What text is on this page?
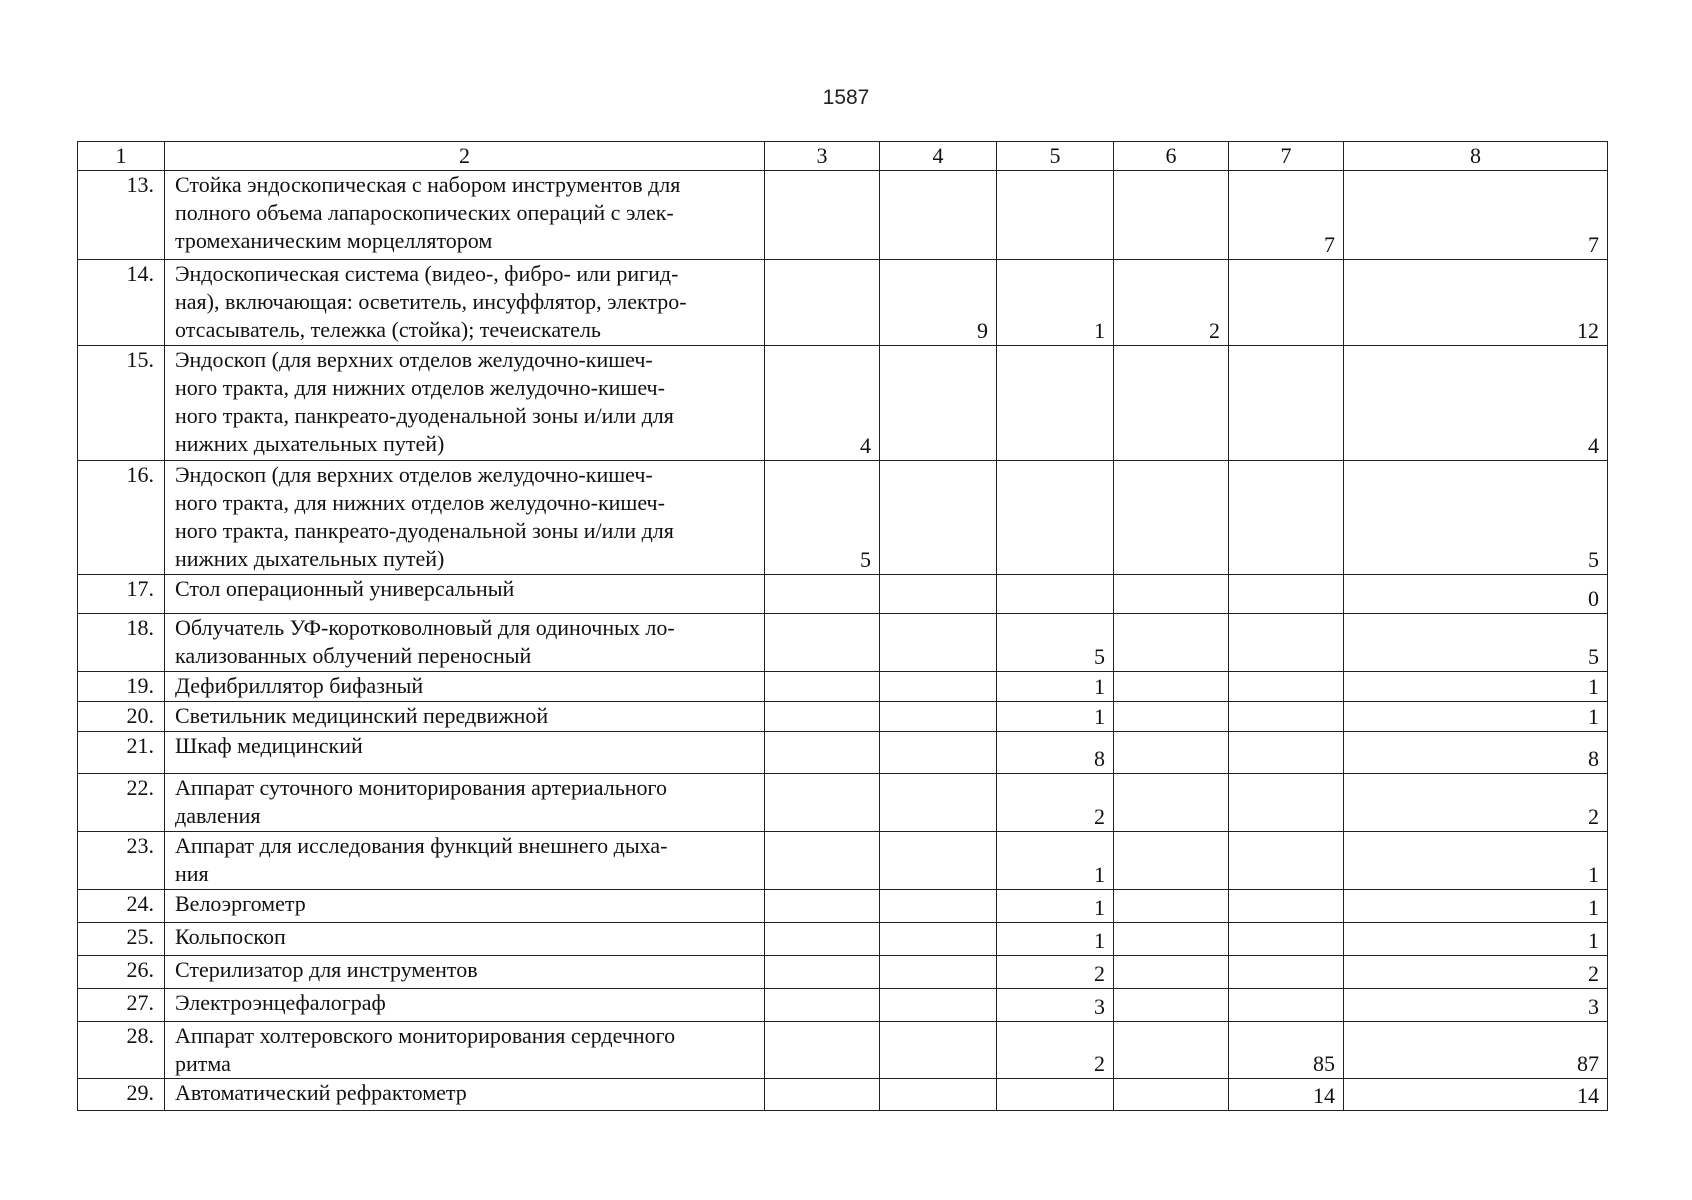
1587
1	2	3	4	5	6	7	8
13.	Стойка эндоскопическая с набором инструментов для
полного объема лапароскопических операций с элек-
тромеханическим морцеллятором					7	7
14.	Эндоскопическая система (видео-, фибро- или ригид-
ная), включающая: осветитель, инсуффлятор, электро-
отсасыватель, тележка (стойка); течеискатель		9	1	2		12
15.	Эндоскоп (для верхних отделов желудочно-кишеч-
ного тракта, для нижних отделов желудочно-кишеч-
ного тракта, панкреато-дуоденальной зоны и/или для
нижних дыхательных путей)	4					4
16.	Эндоскоп (для верхних отделов желудочно-кишеч-
ного тракта, для нижних отделов желудочно-кишеч-
ного тракта, панкреато-дуоденальной зоны и/или для
нижних дыхательных путей)	5					5
17.	Стол операционный универсальный						0
18.	Облучатель УФ-коротковолновый для одиночных ло-
кализованных облучений переносный			5			5
19.	Дефибриллятор бифазный			1			1
20.	Светильник медицинский передвижной			1			1
21.	Шкаф медицинский			8			8
22.	Аппарат суточного мониторирования артериального
давления			2			2
23.	Аппарат для исследования функций внешнего дыха-
ния			1			1
24.	Велоэргометр			1			1
25.	Кольпоскоп			1			1
26.	Стерилизатор для инструментов			2			2
27.	Электроэнцефалограф			3			3
28.	Аппарат холтеровского мониторирования сердечного
ритма			2		85	87
29.	Автоматический рефрактометр					14	14
